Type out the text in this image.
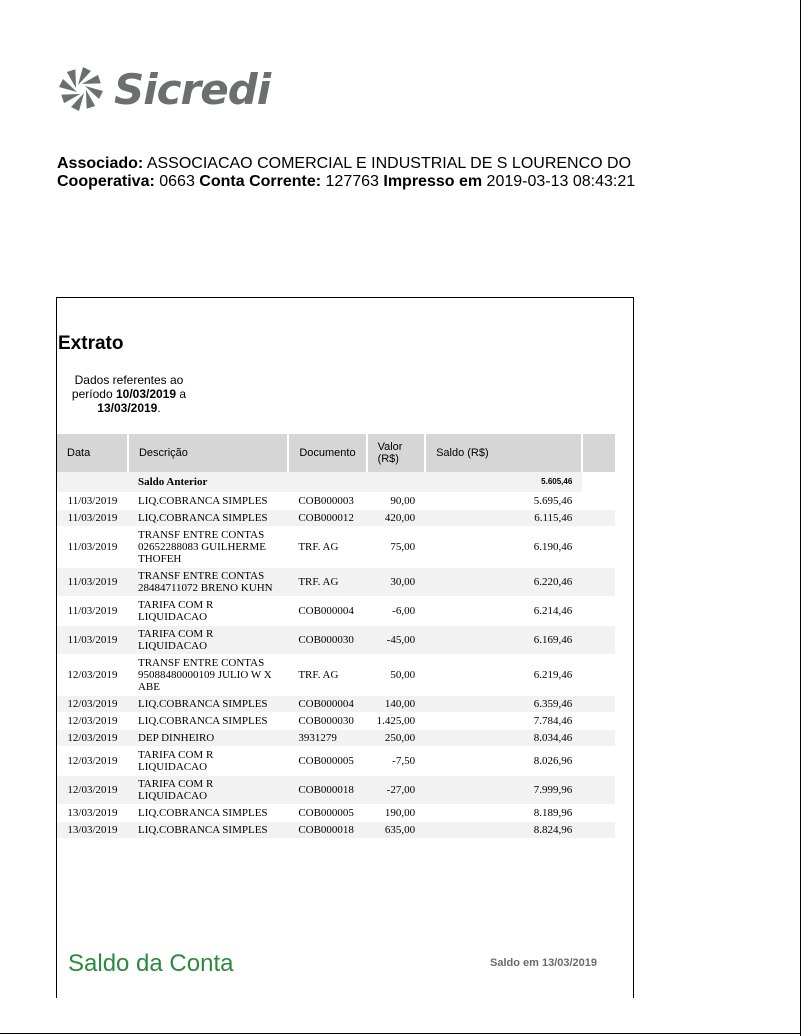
Sicredi
Associado: ASSOCIACAO COMERCIAL E INDUSTRIAL DE S LOURENCO DO
Cooperativa: 0663 Conta Corrente: 127763 Impresso em 2019-03-13 08:43:21
Extrato
Dados referentes ao período 10/03/2019 a 13/03/2019.
Data	Descrição	Documento	Valor (R$)	Saldo (R$)	
	Saldo Anterior			5.605,46	
11/03/2019	LIQ.COBRANCA SIMPLES	COB000003	90,00	5.695,46	
11/03/2019	LIQ.COBRANCA SIMPLES	COB000012	420,00	6.115,46	
11/03/2019	TRANSF ENTRE CONTAS 02652288083 GUILHERME THOFEH	TRF. AG	75,00	6.190,46	
11/03/2019	TRANSF ENTRE CONTAS 28484711072 BRENO KUHN	TRF. AG	30,00	6.220,46	
11/03/2019	TARIFA COM R LIQUIDACAO	COB000004	-6,00	6.214,46	
11/03/2019	TARIFA COM R LIQUIDACAO	COB000030	-45,00	6.169,46	
12/03/2019	TRANSF ENTRE CONTAS 95088480000109 JULIO W X ABE	TRF. AG	50,00	6.219,46	
12/03/2019	LIQ.COBRANCA SIMPLES	COB000004	140,00	6.359,46	
12/03/2019	LIQ.COBRANCA SIMPLES	COB000030	1.425,00	7.784,46	
12/03/2019	DEP DINHEIRO	3931279	250,00	8.034,46	
12/03/2019	TARIFA COM R LIQUIDACAO	COB000005	-7,50	8.026,96	
12/03/2019	TARIFA COM R LIQUIDACAO	COB000018	-27,00	7.999,96	
13/03/2019	LIQ.COBRANCA SIMPLES	COB000005	190,00	8.189,96	
13/03/2019	LIQ.COBRANCA SIMPLES	COB000018	635,00	8.824,96	
Saldo da Conta	Saldo em 13/03/2019
